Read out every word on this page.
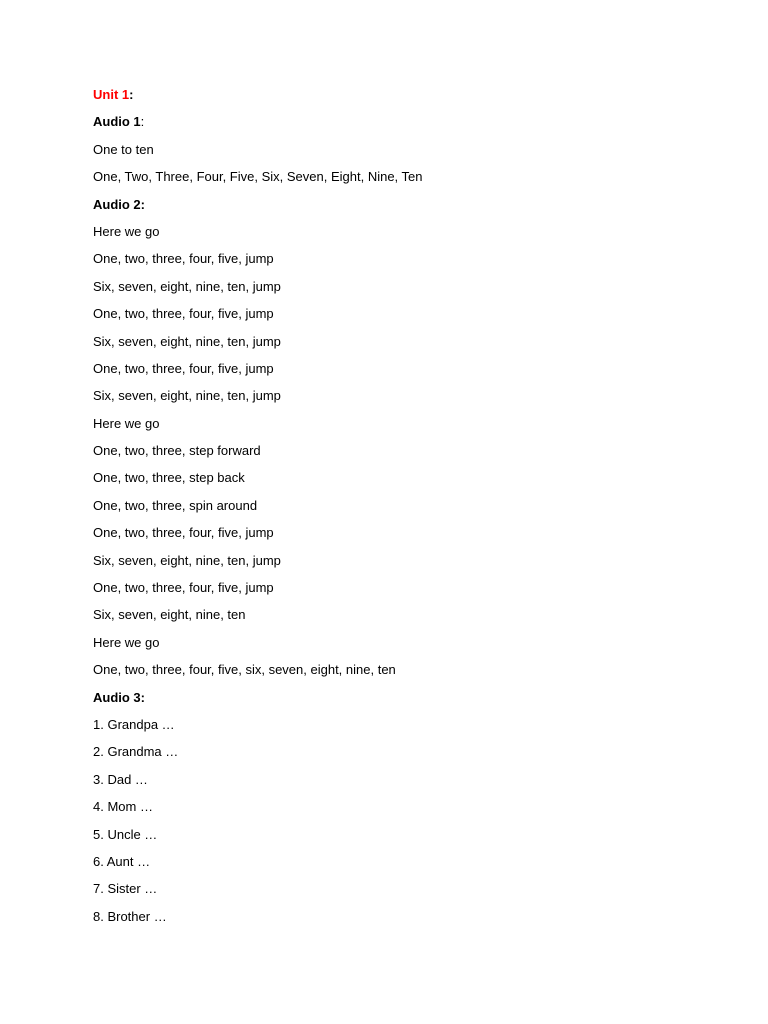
Unit 1:
Audio 1:
One to ten
One, Two, Three, Four, Five, Six, Seven, Eight, Nine, Ten
Audio 2:
Here we go
One, two, three, four, five, jump
Six, seven, eight, nine, ten, jump
One, two, three, four, five, jump
Six, seven, eight, nine, ten, jump
One, two, three, four, five, jump
Six, seven, eight, nine, ten, jump
Here we go
One, two, three, step forward
One, two, three, step back
One, two, three, spin around
One, two, three, four, five, jump
Six, seven, eight, nine, ten, jump
One, two, three, four, five, jump
Six, seven, eight, nine, ten
Here we go
One, two, three, four, five, six, seven, eight, nine, ten
Audio 3:
1. Grandpa …
2. Grandma …
3. Dad …
4. Mom …
5. Uncle …
6. Aunt …
7. Sister …
8. Brother …
